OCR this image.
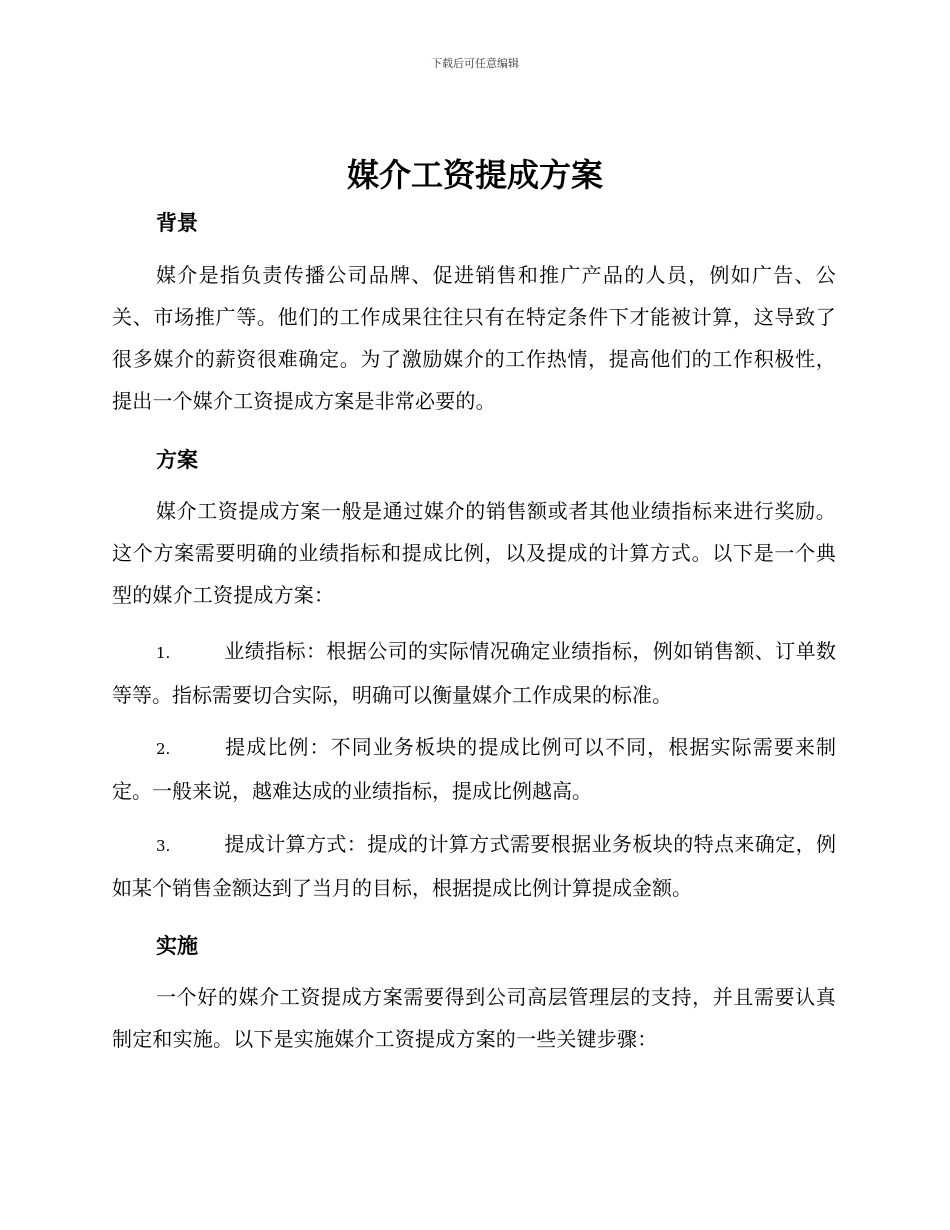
下载后可任意编辑
媒介工资提成方案
背景

媒介是指负责传播公司品牌、促进销售和推广产品的人员，例如广告、公关、市场推广等。他们的工作成果往往只有在特定条件下才能被计算，这导致了很多媒介的薪资很难确定。为了激励媒介的工作热情，提高他们的工作积极性，提出一个媒介工资提成方案是非常必要的。

方案

媒介工资提成方案一般是通过媒介的销售额或者其他业绩指标来进行奖励。这个方案需要明确的业绩指标和提成比例，以及提成的计算方式。以下是一个典型的媒介工资提成方案：

1.	业绩指标：根据公司的实际情况确定业绩指标，例如销售额、订单数等等。指标需要切合实际，明确可以衡量媒介工作成果的标准。
2.	提成比例：不同业务板块的提成比例可以不同，根据实际需要来制定。一般来说，越难达成的业绩指标，提成比例越高。
3.	提成计算方式：提成的计算方式需要根据业务板块的特点来确定，例如某个销售金额达到了当月的目标，根据提成比例计算提成金额。
实施

一个好的媒介工资提成方案需要得到公司高层管理层的支持，并且需要认真制定和实施。以下是实施媒介工资提成方案的一些关键步骤：
